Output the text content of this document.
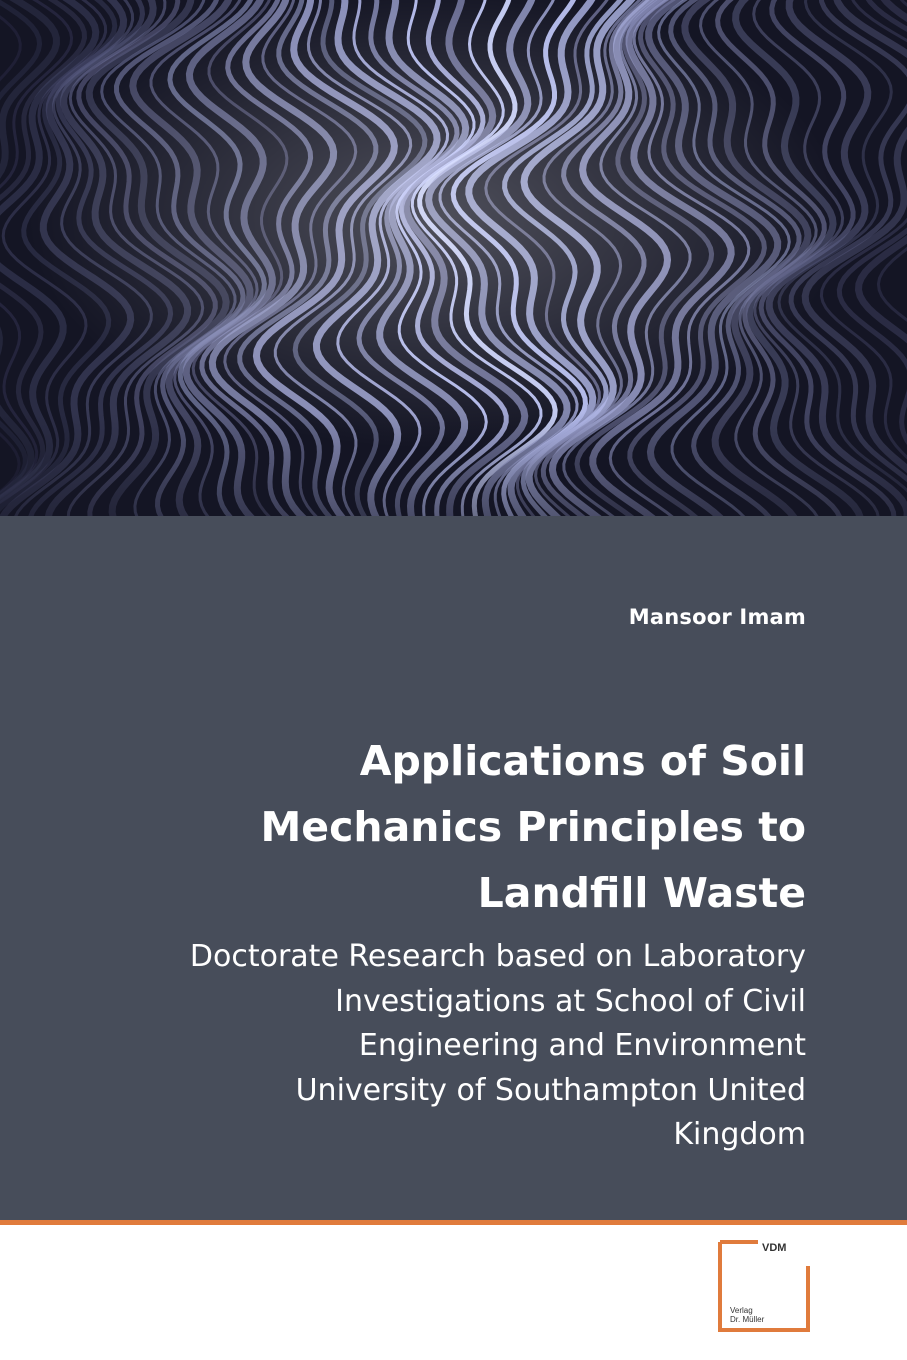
Mansoor Imam
Applications of Soil
Mechanics Principles to
Landfill Waste

Doctorate Research based on Laboratory
Investigations at School of Civil
Engineering and Environment
University of Southampton United
Kingdom

VDM
Verlag
Dr. Müller
